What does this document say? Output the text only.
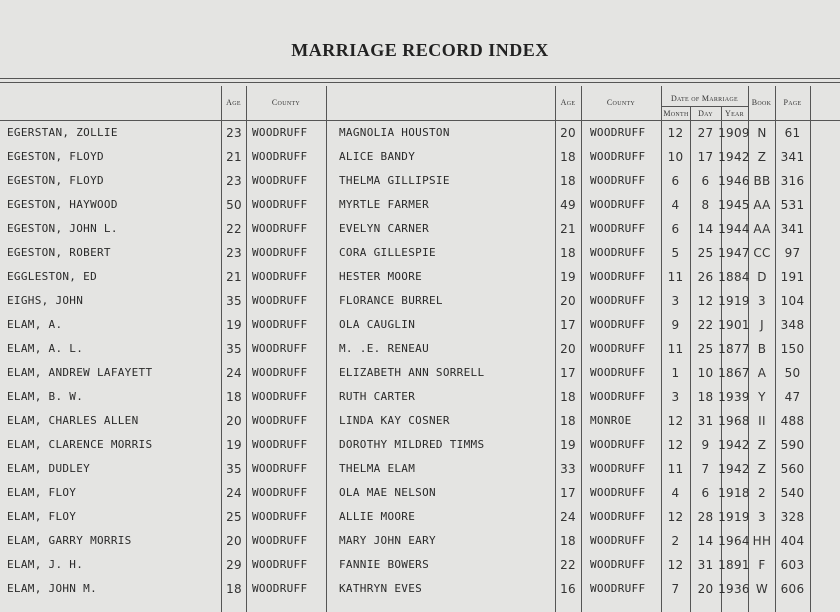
MARRIAGE RECORD INDEX
Age	County	Age	County	Date of Marriage
Month	Day	Year
Book	Page
EGERSTAN, ZOLLIE	23 WOODRUFF	MAGNOLIA HOUSTON	20	WOODRUFF	12	27 1909 N	61
EGESTON, FLOYD	21 WOODRUFF	ALICE BANDY	18	WOODRUFF	10	17 1942 Z	341
EGESTON, FLOYD	23 WOODRUFF	THELMA GILLIPSIE	18	WOODRUFF	6	6 1946 BB 316
EGESTON, HAYWOOD	50 WOODRUFF	MYRTLE FARMER	49	WOODRUFF	4	8 1945 AA 531
EGESTON, JOHN L.	22 WOODRUFF	EVELYN CARNER	21	WOODRUFF	6	14 1944 AA 341
EGESTON, ROBERT	23 WOODRUFF	CORA GILLESPIE	18	WOODRUFF	5	25 1947 CC	97
EGGLESTON, ED	21 WOODRUFF	HESTER MOORE	19	WOODRUFF	11	26 1884 D	191
EIGHS, JOHN	35 WOODRUFF	FLORANCE BURREL	20	WOODRUFF	3	12 1919 3	104
ELAM, A.	19 WOODRUFF	OLA CAUGLIN	17	WOODRUFF	9	22 1901 J	348
ELAM, A. L.	35 WOODRUFF	M. .E. RENEAU	20	WOODRUFF	11	25 1877 B	150
ELAM, ANDREW LAFAYETT	24 WOODRUFF	ELIZABETH ANN SORRELL	17	WOODRUFF	1	10 1867 A	50
ELAM, B. W.	18 WOODRUFF	RUTH CARTER	18	WOODRUFF	3	18 1939 Y	47
ELAM, CHARLES ALLEN	20 WOODRUFF	LINDA KAY COSNER	18	MONROE	12	31 1968 II	488
ELAM, CLARENCE MORRIS	19 WOODRUFF	DOROTHY MILDRED TIMMS	19	WOODRUFF	12	9 1942 Z	590
ELAM, DUDLEY	35 WOODRUFF	THELMA ELAM	33	WOODRUFF	11	7 1942 Z	560
ELAM, FLOY	24 WOODRUFF	OLA MAE NELSON	17	WOODRUFF	4	6 1918 2	540
ELAM, FLOY	25 WOODRUFF	ALLIE MOORE	24	WOODRUFF	12	28 1919 3	328
ELAM, GARRY MORRIS	20 WOODRUFF	MARY JOHN EARY	18	WOODRUFF	2	14 1964 HH 404
ELAM, J. H.	29 WOODRUFF	FANNIE BOWERS	22	WOODRUFF	12	31 1891 F	603
ELAM, JOHN M.	18 WOODRUFF	KATHRYN EVES	16	WOODRUFF	7	20 1936 W	606
